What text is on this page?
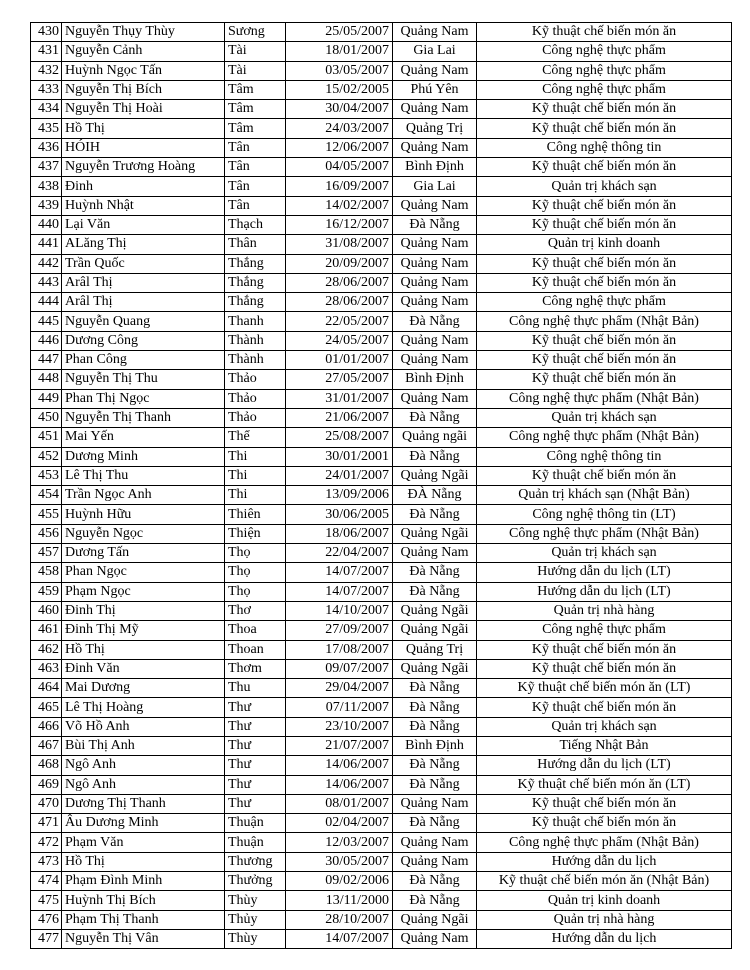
430	Nguyễn Thụy Thùy	Sương	25/05/2007	Quảng Nam	Kỹ thuật chế biến món ăn
431	Nguyễn Cảnh	Tài	18/01/2007	Gia Lai	Công nghệ thực phẩm
432	Huỳnh Ngọc Tấn	Tài	03/05/2007	Quảng Nam	Công nghệ thực phẩm
433	Nguyễn Thị Bích	Tâm	15/02/2005	Phú Yên	Công nghệ thực phẩm
434	Nguyễn Thị Hoài	Tâm	30/04/2007	Quảng Nam	Kỹ thuật chế biến món ăn
435	Hồ Thị	Tâm	24/03/2007	Quảng Trị	Kỹ thuật chế biến món ăn
436	HÓIH	Tân	12/06/2007	Quảng Nam	Công nghệ thông tin
437	Nguyễn Trương Hoàng	Tân	04/05/2007	Bình Định	Kỹ thuật chế biến món ăn
438	Đinh	Tân	16/09/2007	Gia Lai	Quản trị khách sạn
439	Huỳnh Nhật	Tân	14/02/2007	Quảng Nam	Kỹ thuật chế biến món ăn
440	Lại Văn	Thạch	16/12/2007	Đà Nẵng	Kỹ thuật chế biến món ăn
441	ALăng Thị	Thân	31/08/2007	Quảng Nam	Quản trị kinh doanh
442	Trần Quốc	Thắng	20/09/2007	Quảng Nam	Kỹ thuật chế biến món ăn
443	Arâl Thị	Thắng	28/06/2007	Quảng Nam	Kỹ thuật chế biến món ăn
444	Arâl Thị	Thắng	28/06/2007	Quảng Nam	Công nghệ thực phẩm
445	Nguyễn Quang	Thanh	22/05/2007	Đà Nẵng	Công nghệ thực phẩm (Nhật Bản)
446	Dương Công	Thành	24/05/2007	Quảng Nam	Kỹ thuật chế biến món ăn
447	Phan Công	Thành	01/01/2007	Quảng Nam	Kỹ thuật chế biến món ăn
448	Nguyễn Thị Thu	Thảo	27/05/2007	Bình Định	Kỹ thuật chế biến món ăn
449	Phan Thị Ngọc	Thảo	31/01/2007	Quảng Nam	Công nghệ thực phẩm (Nhật Bản)
450	Nguyễn Thị Thanh	Thảo	21/06/2007	Đà Nẵng	Quản trị khách sạn
451	Mai Yến	Thể	25/08/2007	Quảng ngãi	Công nghệ thực phẩm (Nhật Bản)
452	Dương Minh	Thi	30/01/2001	Đà Nẵng	Công nghệ thông tin
453	Lê Thị Thu	Thi	24/01/2007	Quảng Ngãi	Kỹ thuật chế biến món ăn
454	Trần Ngọc Anh	Thi	13/09/2006	ĐÀ Nẵng	Quản trị khách sạn (Nhật Bản)
455	Huỳnh Hữu	Thiên	30/06/2005	Đà Nẵng	Công nghệ thông tin (LT)
456	Nguyễn Ngọc	Thiện	18/06/2007	Quảng Ngãi	Công nghệ thực phẩm (Nhật Bản)
457	Dương Tấn	Thọ	22/04/2007	Quảng Nam	Quản trị khách sạn
458	Phan Ngọc	Thọ	14/07/2007	Đà Nẵng	Hướng dẫn du lịch (LT)
459	Phạm Ngọc	Thọ	14/07/2007	Đà Nẵng	Hướng dẫn du lịch (LT)
460	Đinh Thị	Thơ	14/10/2007	Quảng Ngãi	Quản trị nhà hàng
461	Đinh Thị Mỹ	Thoa	27/09/2007	Quảng Ngãi	Công nghệ thực phẩm
462	Hồ Thị	Thoan	17/08/2007	Quảng Trị	Kỹ thuật chế biến món ăn
463	Đinh Văn	Thơm	09/07/2007	Quảng Ngãi	Kỹ thuật chế biến món ăn
464	Mai Dương	Thu	29/04/2007	Đà Nẵng	Kỹ thuật chế biến món ăn (LT)
465	Lê Thị Hoàng	Thư	07/11/2007	Đà Nẵng	Kỹ thuật chế biến món ăn
466	Võ Hồ Anh	Thư	23/10/2007	Đà Nẵng	Quản trị khách sạn
467	Bùi Thị Anh	Thư	21/07/2007	Bình Định	Tiếng Nhật Bản
468	Ngô Anh	Thư	14/06/2007	Đà Nẵng	Hướng dẫn du lịch (LT)
469	Ngô Anh	Thư	14/06/2007	Đà Nẵng	Kỹ thuật chế biến món ăn (LT)
470	Dương Thị Thanh	Thư	08/01/2007	Quảng Nam	Kỹ thuật chế biến món ăn
471	Âu Dương Minh	Thuận	02/04/2007	Đà Nẵng	Kỹ thuật chế biến món ăn
472	Phạm Văn	Thuận	12/03/2007	Quảng Nam	Công nghệ thực phẩm (Nhật Bản)
473	Hồ Thị	Thương	30/05/2007	Quảng Nam	Hướng dẫn du lịch
474	Phạm Đình Minh	Thưởng	09/02/2006	Đà Nẵng	Kỹ thuật chế biến món ăn (Nhật Bản)
475	Huỳnh Thị Bích	Thùy	13/11/2000	Đà Nẵng	Quản trị kinh doanh
476	Phạm Thị Thanh	Thủy	28/10/2007	Quảng Ngãi	Quản trị nhà hàng
477	Nguyễn Thị Vân	Thùy	14/07/2007	Quảng Nam	Hướng dẫn du lịch
